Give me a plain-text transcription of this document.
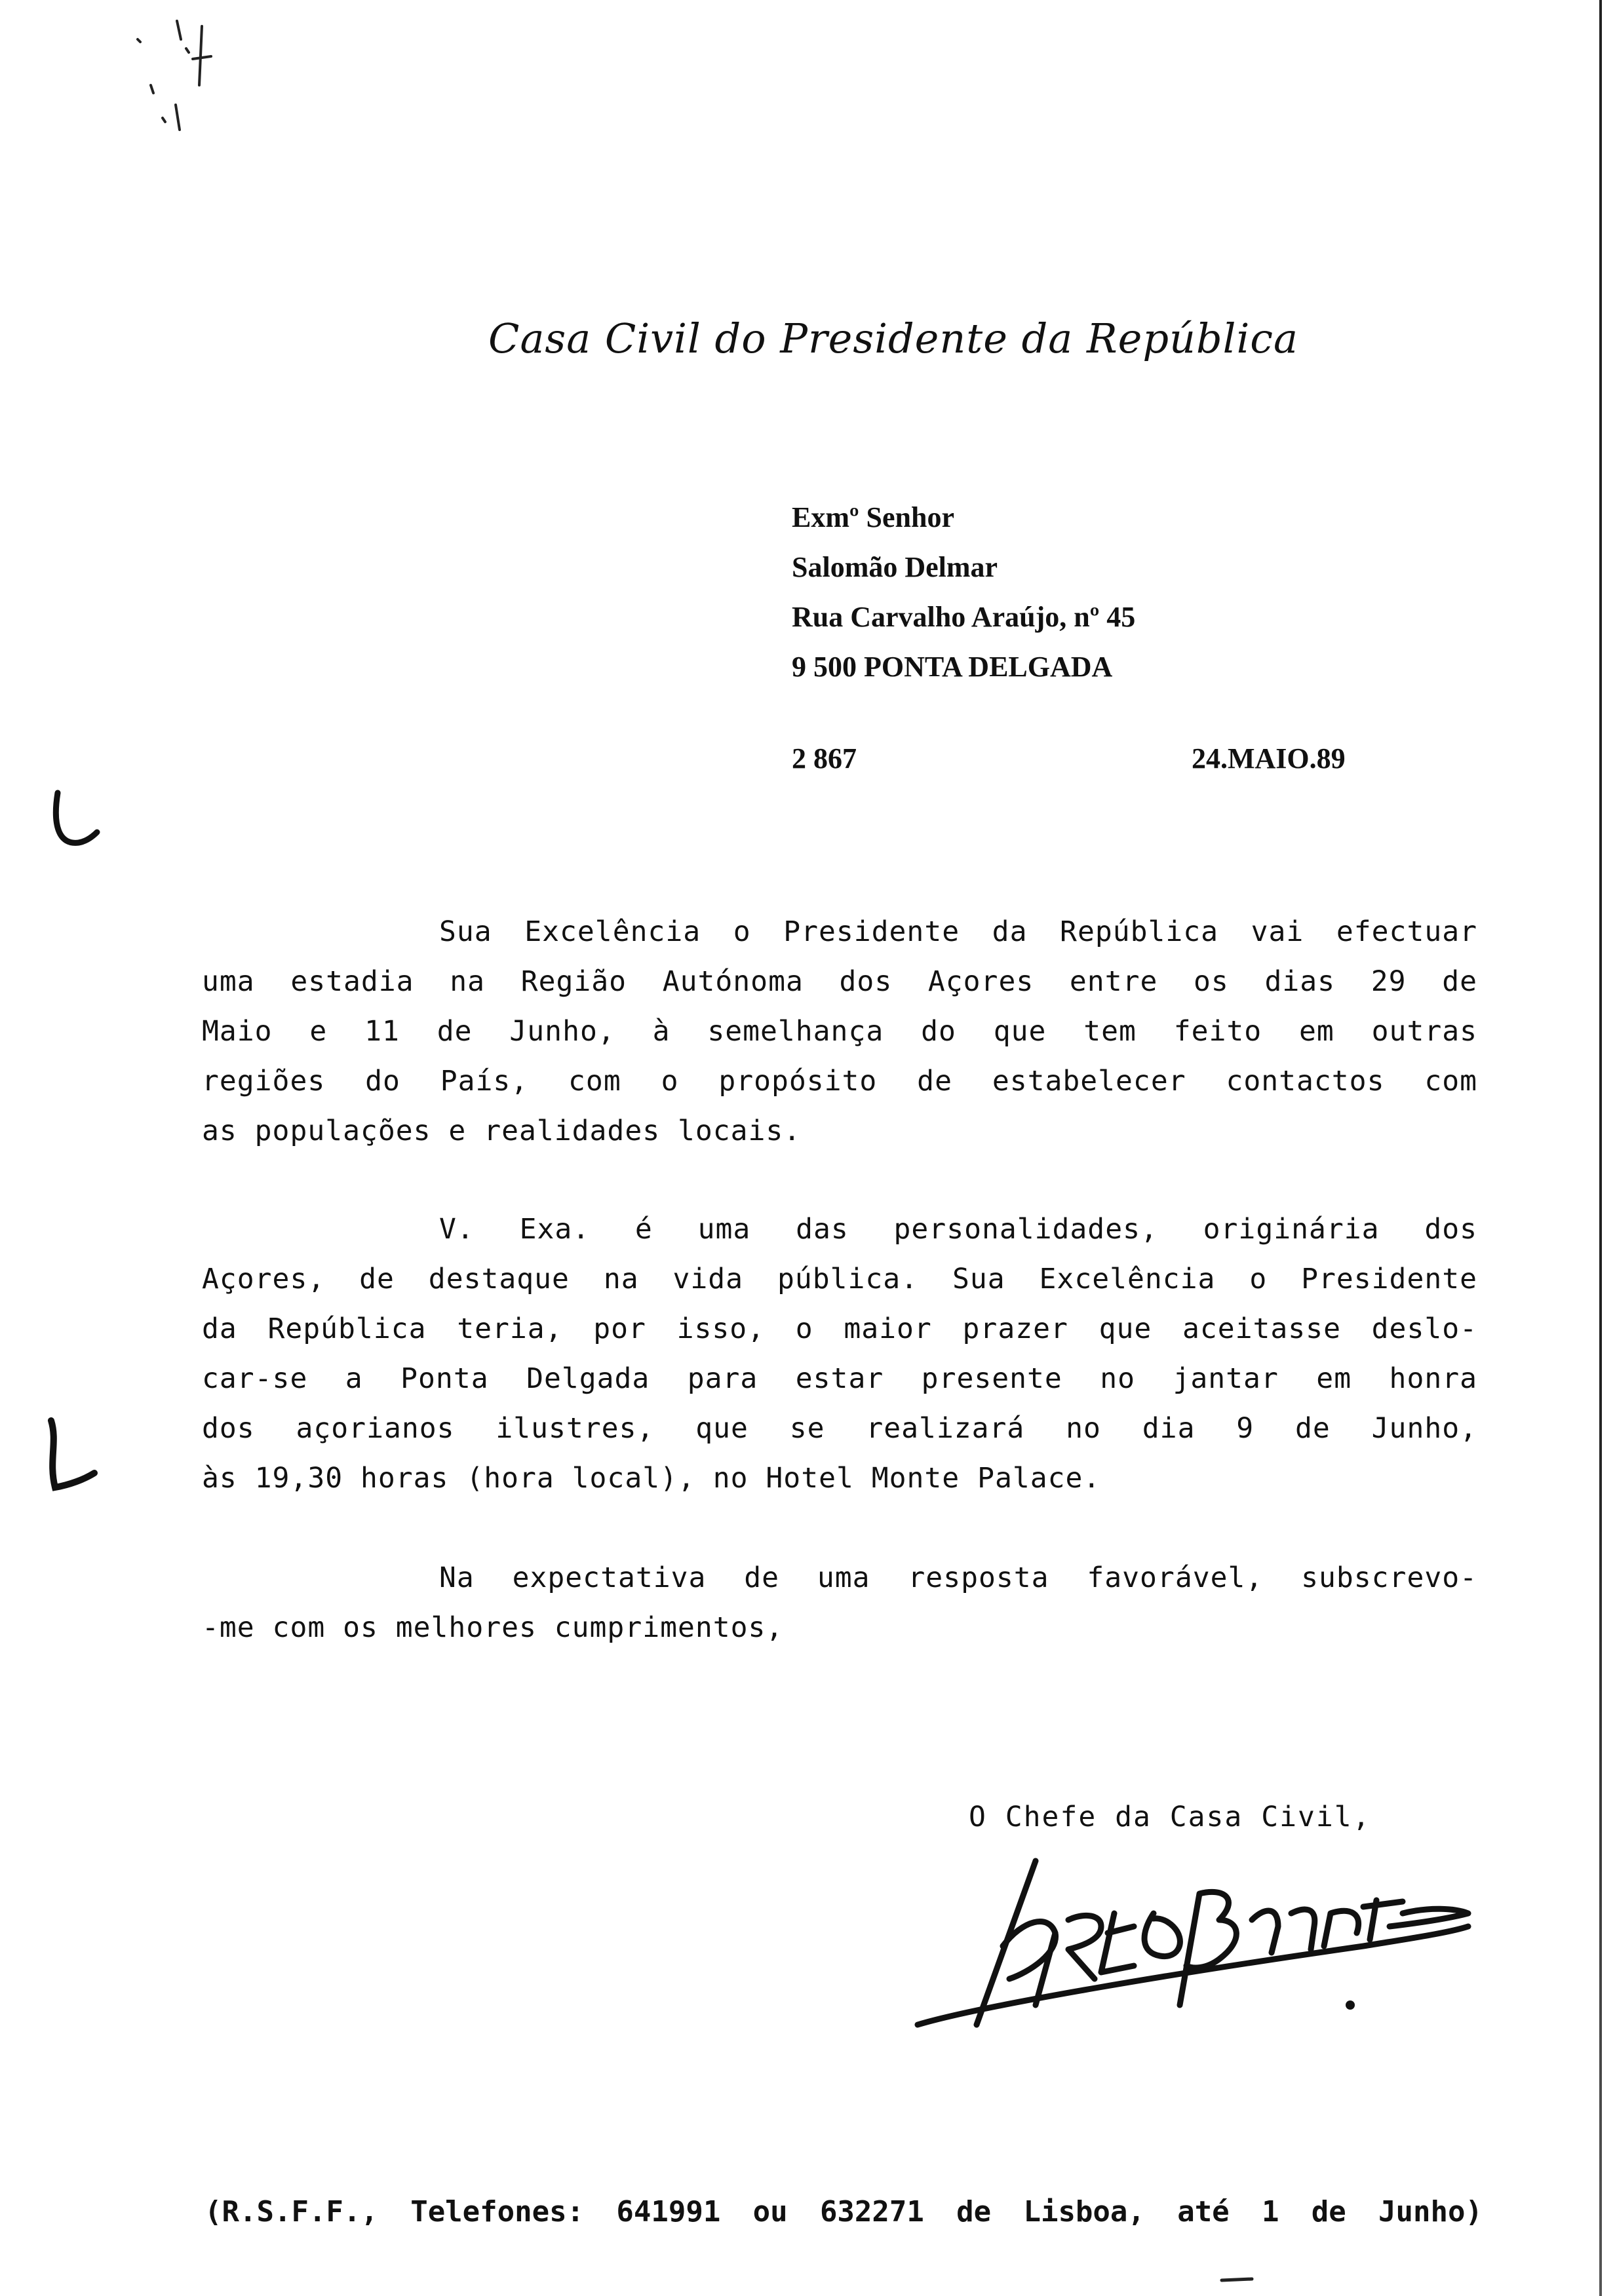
Casa Civil do Presidente da República
Exmº Senhor
Salomão Delmar
Rua Carvalho Araújo, nº 45
9 500 PONTA DELGADA
2 867	24.MAIO.89
Sua Excelência o Presidente da República vai efectuar
uma estadia na Região Autónoma dos Açores entre os dias 29 de
Maio e 11 de Junho, à semelhança do que tem feito em outras
regiões do País, com o propósito de estabelecer contactos com
as populações e realidades locais.
V. Exa. é uma das personalidades, originária dos
Açores, de destaque na vida pública. Sua Excelência o Presidente
da República teria, por isso, o maior prazer que aceitasse deslo-
car-se a Ponta Delgada para estar presente no jantar em honra
dos açorianos ilustres, que se realizará no dia 9 de Junho,
às 19,30 horas (hora local), no Hotel Monte Palace.
Na expectativa de uma resposta favorável, subscrevo-
-me com os melhores cumprimentos,
O Chefe da Casa Civil,
(R.S.F.F., Telefones: 641991 ou 632271 de Lisboa, até 1 de Junho)
